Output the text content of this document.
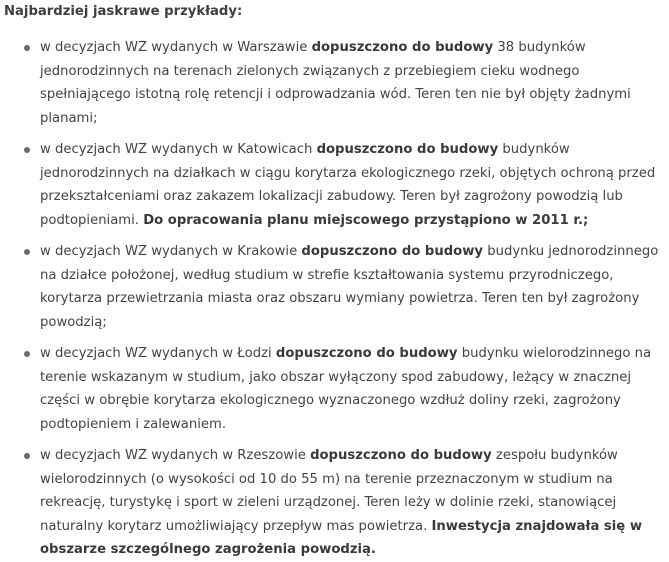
Najbardziej jaskrawe przykłady:

w decyzjach WZ wydanych w Warszawie dopuszczono do budowy 38 budynków jednorodzinnych na terenach zielonych związanych z przebiegiem cieku wodnego spełniającego istotną rolę retencji i odprowadzania wód. Teren ten nie był objęty żadnymi planami;
w decyzjach WZ wydanych w Katowicach dopuszczono do budowy budynków jednorodzinnych na działkach w ciągu korytarza ekologicznego rzeki, objętych ochroną przed przekształceniami oraz zakazem lokalizacji zabudowy. Teren był zagrożony powodzią lub podtopieniami. Do opracowania planu miejscowego przystąpiono w 2011 r.;
w decyzjach WZ wydanych w Krakowie dopuszczono do budowy budynku jednorodzinnego na działce położonej, według studium w strefie kształtowania systemu przyrodniczego, korytarza przewietrzania miasta oraz obszaru wymiany powietrza. Teren ten był zagrożony powodzią;
w decyzjach WZ wydanych w Łodzi dopuszczono do budowy budynku wielorodzinnego na terenie wskazanym w studium, jako obszar wyłączony spod zabudowy, leżący w znacznej części w obrębie korytarza ekologicznego wyznaczonego wzdłuż doliny rzeki, zagrożony podtopieniem i zalewaniem.
w decyzjach WZ wydanych w Rzeszowie dopuszczono do budowy zespołu budynków wielorodzinnych (o wysokości od 10 do 55 m) na terenie przeznaczonym w studium na rekreację, turystykę i sport w zieleni urządzonej. Teren leży w dolinie rzeki, stanowiącej naturalny korytarz umożliwiający przepływ mas powietrza. Inwestycja znajdowała się w obszarze szczególnego zagrożenia powodzią.
